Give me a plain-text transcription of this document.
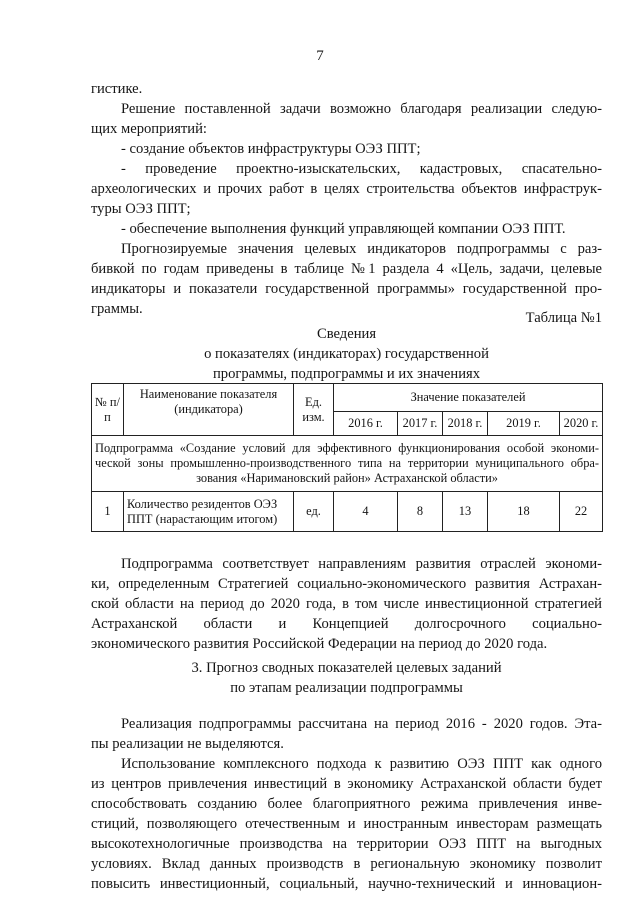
7
гистике.
Решение поставленной задачи возможно благодаря реализации следую-
щих мероприятий:
- создание объектов инфраструктуры ОЭЗ ППТ;
- проведение проектно-изыскательских, кадастровых, спасательно-
археологических и прочих работ в целях строительства объектов инфраструк-
туры ОЭЗ ППТ;
- обеспечение выполнения функций управляющей компании ОЭЗ ППТ.
Прогнозируемые значения целевых индикаторов подпрограммы с раз-
бивкой по годам приведены в таблице №1 раздела 4 «Цель, задачи, целевые
индикаторы и показатели государственной программы» государственной про-
граммы.
Таблица №1
Сведения
о показателях (индикаторах) государственной
программы, подпрограммы и их значениях
№ п/п	Наименование показателя (индикатора)	Ед. изм.	Значение показателей				
			2016 г.	2017 г.	2018 г.	2019 г.	2020 г.

Подпрограмма «Создание условий для эффективного функционирования особой экономи-
ческой зоны промышленно-производственного типа на территории муниципального обра-
зования «Наримановский район» Астраханской области»							

1	Количество резидентов ОЭЗ ППТ (нарастающим итогом)	ед.	4	8	13	18	22
Подпрограмма соответствует направлениям развития отраслей экономи-
ки, определенным Стратегией социально-экономического развития Астрахан-
ской области на период до 2020 года, в том числе инвестиционной стратегией
Астраханской области и Концепцией долгосрочного социально-
экономического развития Российской Федерации на период до 2020 года.
3. Прогноз сводных показателей целевых заданий
по этапам реализации подпрограммы
Реализация подпрограммы рассчитана на период 2016 - 2020 годов. Эта-
пы реализации не выделяются.
Использование комплексного подхода к развитию ОЭЗ ППТ как одного
из центров привлечения инвестиций в экономику Астраханской области будет
способствовать созданию более благоприятного режима привлечения инве-
стиций, позволяющего отечественным и иностранным инвесторам размещать
высокотехнологичные производства на территории ОЭЗ ППТ на выгодных
условиях. Вклад данных производств в региональную экономику позволит
повысить инвестиционный, социальный, научно-технический и инновацион-
